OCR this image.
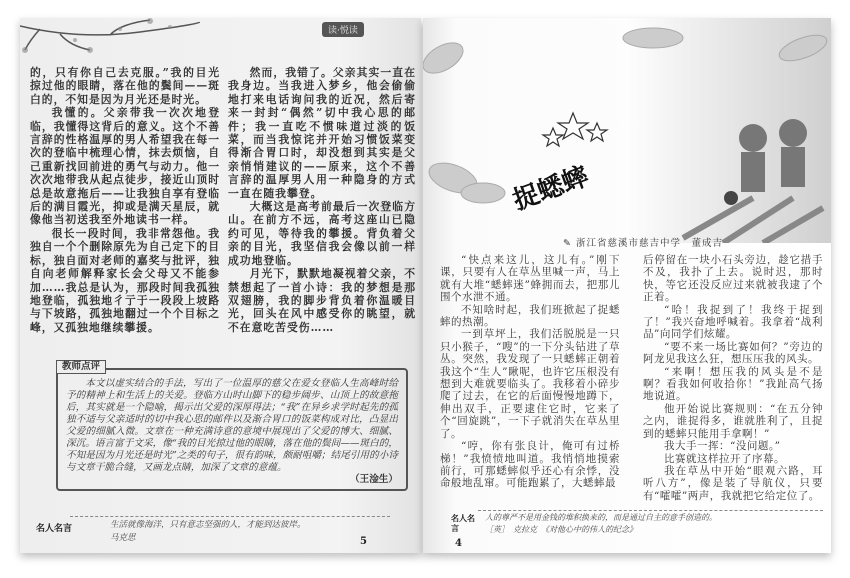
读·悦读

的，只有你自己去克服。”我的目光掠过他的眼睛，落在他的鬓间——斑白的，不知是因为月光还是时光。

我懂的。父亲带我一次次地登临，我懂得这背后的意义。这个不善言辞的性格温厚的男人希望我在每一次的登临中梳理心情，抹去烦恼，自己重新找回前进的勇气与动力。他一次次地带我从起点徒步，接近山顶时总是故意拖后——让我独自享有登临后的满目霞光，抑或是满天星辰，就像他当初送我至外地读书一样。

很长一段时间，我非常怨他。我独自一个个删除原先为自己定下的目标，独自面对老师的嘉奖与批评，独自向老师解释家长会父母又不能参加……我总是认为，那段时间我孤独地登临，孤独地彳亍于一段段上坡路与下坡路，孤独地翻过一个个目标之峰，又孤独地继续攀援。

然而，我错了。父亲其实一直在我身边。当我进入梦乡，他会偷偷地打来电话询问我的近况，然后寄来一封封“偶然”切中我心思的邮件；我一直吃不惯味道过淡的饭菜，而当我惊诧并开始习惯饭菜变得渐合胃口时，却没想到其实是父亲悄悄建议的——原来，这个不善言辞的温厚男人用一种隐身的方式一直在随我攀登。

大概这是高考前最后一次登临方山。在前方不远，高考这座山已隐约可见，等待我的攀援。背负着父亲的目光，我坚信我会像以前一样成功地登临。

月光下，默默地凝视着父亲，不禁想起了一首小诗：我的梦想是那双翅膀，我的脚步背负着你温暖目光，回头在风中感受你的眺望，就不在意吃苦受伤……

教师点评

本文以虚实结合的手法，写出了一位温厚的慈父在爱女登临人生高峰时给予的精神上和生活上的关爱。登临方山时山脚下的稳步阔步、山顶上的故意拖后，其实就是一个隐喻，揭示出父爱的深厚得法；“我”在异乡求学时起先的孤独不适与父亲适时的切中我心思的邮件以及渐合胃口的饭菜构成对比，凸显出父爱的细腻入微。文章在一种充满诗意的意境中展现出了父爱的博大、细腻、深沉。语言富于文采，像“我的目光掠过他的眼睛，落在他的鬓间——斑白的，不知是因为月光还是时光”之类的句子，很有韵味，颇耐咀嚼；结尾引用的小诗与文章干脆合缝，又画龙点睛，加深了文章的意蕴。

（王淦生）
名人名言	生活就像海洋，只有意志坚强的人，才能到达彼岸。
马克思	5
捉蟋蟀
✎ 浙江省慈溪市慈吉中学　董成吉

“快点来这儿，这儿有。”刚下课，只要有人在草丛里喊一声，马上就有大堆“蟋蟀迷”蜂拥而去，把那儿围个水泄不通。

不知啥时起，我们班掀起了捉蟋蟀的热潮。

一到草坪上，我们活脱脱是一只只小猴子，“嗖”的一下分头钻进了草丛。突然，我发现了一只蟋蟀正朝着我这个“生人”瞅呢，也许它压根没有想到大难就要临头了。我移着小碎步爬了过去，在它的后面慢慢地蹲下，伸出双手，正要逮住它时，它来了个“回旋跳”，一下子就消失在草丛里了。

“哼，你有张良计，俺可有过桥梯！”我愤愤地叫道。我悄悄地摸索前行，可那蟋蟀似乎还心有余悸，没命般地乱窜。可能跑累了，大蟋蟀最

后停留在一块小石头旁边，趁它措手不及，我扑了上去。说时迟，那时快，等它还没反应过来就被我逮了个正着。

“哈！我捉到了！我终于捉到了！”我兴奋地呼喊着。我拿着“战利品”向同学们炫耀。

“要不来一场比赛如何？”旁边的阿龙见我这么狂，想压压我的风头。

“来啊！想压我的风头是不是啊？看我如何收拾你！”我趾高气扬地说道。

他开始说比赛规则：“在五分钟之内，谁捉得多，谁就胜利了，且捉到的蟋蟀只能用手拿啊！”

我大手一挥：“没问题。”

比赛就这样拉开了序幕。

我在草丛中开始“眼观六路，耳听八方”，像是装了导航仪，只要有“嚯嚯”两声，我就把它给定位了。

名人名言
人的尊严不是用金钱的堆积换来的，而是通过自主的意手创造的。
［英］　克拉克　《对他心中的伟人的纪念》
4
